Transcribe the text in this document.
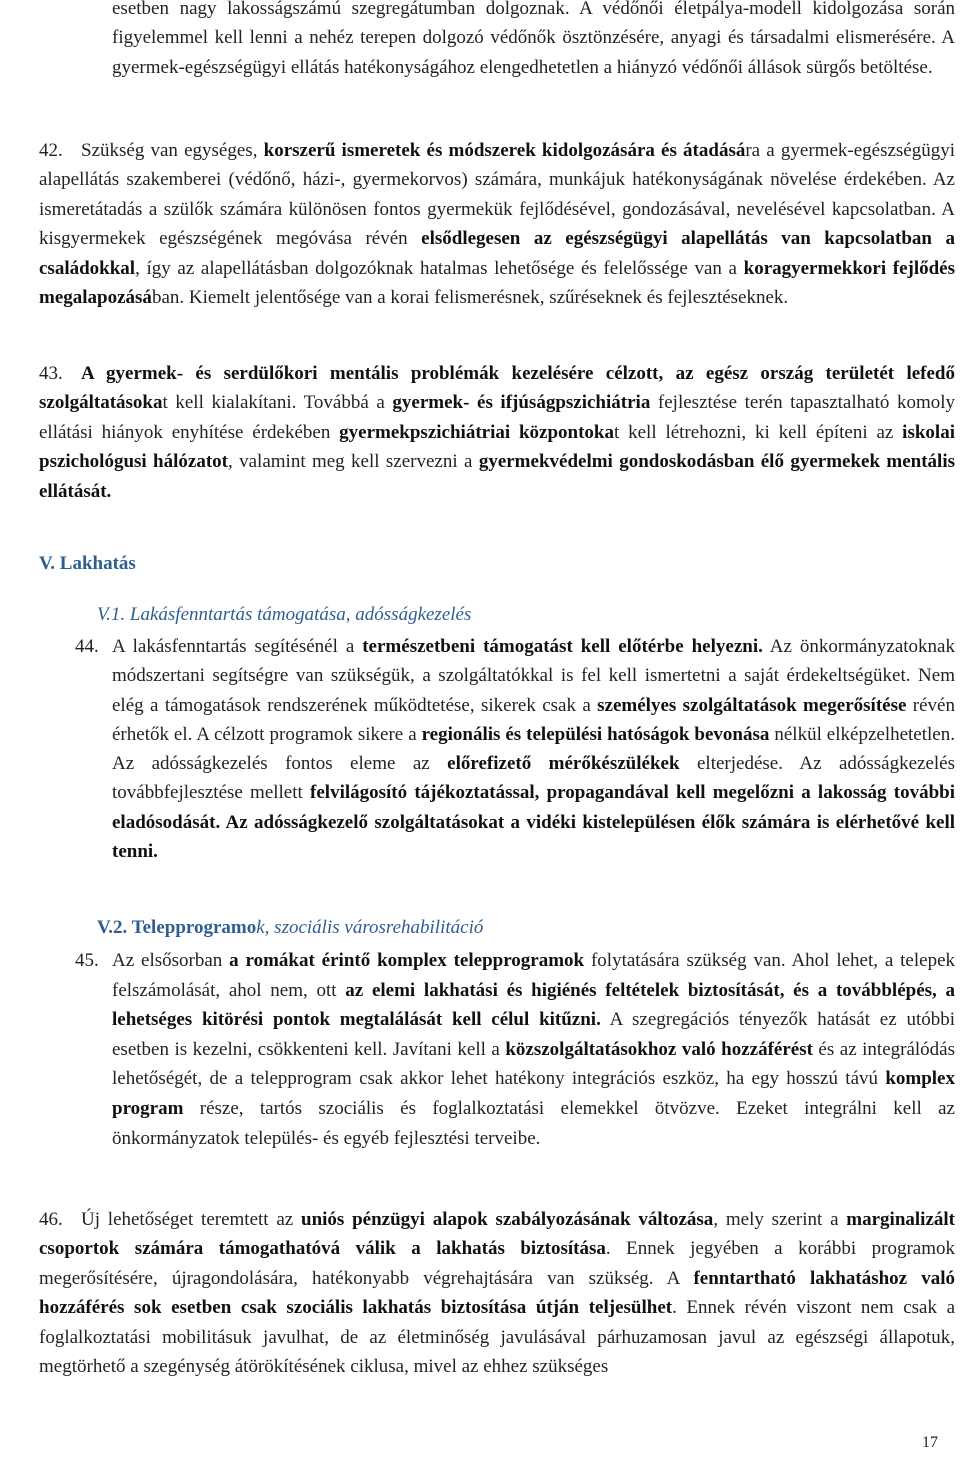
esetben nagy lakosságszámú szegregátumban dolgoznak. A védőnői életpálya-modell kidolgozása során figyelemmel kell lenni a nehéz terepen dolgozó védőnők ösztönzésére, anyagi és társadalmi elismerésére. A gyermek-egészségügyi ellátás hatékonyságához elengedhetetlen a hiányzó védőnői állások sürgős betöltése.
42. Szükség van egységes, korszerű ismeretek és módszerek kidolgozására és átadására a gyermek-egészségügyi alapellátás szakemberei (védőnő, házi-, gyermekorvos) számára, munkájuk hatékonyságának növelése érdekében. Az ismeretátadás a szülők számára különösen fontos gyermekük fejlődésével, gondozásával, nevelésével kapcsolatban. A kisgyermekek egészségének megóvása révén elsődlegesen az egészségügyi alapellátás van kapcsolatban a családokkal, így az alapellátásban dolgozóknak hatalmas lehetősége és felelőssége van a koragyermekkori fejlődés megalapozásában. Kiemelt jelentősége van a korai felismerésnek, szűréseknek és fejlesztéseknek.
43. A gyermek- és serdülőkori mentális problémák kezelésére célzott, az egész ország területét lefedő szolgáltatásokat kell kialakítani. Továbbá a gyermek- és ifjúságpszichiátria fejlesztése terén tapasztalható komoly ellátási hiányok enyhítése érdekében gyermekpszichiátriai központokat kell létrehozni, ki kell építeni az iskolai pszichológusi hálózatot, valamint meg kell szervezni a gyermekvédelmi gondoskodásban élő gyermekek mentális ellátását.
V. Lakhatás
V.1. Lakásfenntartás támogatása, adósságkezelés
44. A lakásfenntartás segítésénél a természetbeni támogatást kell előtérbe helyezni. Az önkormányzatoknak módszertani segítségre van szükségük, a szolgáltatókkal is fel kell ismertetni a saját érdekeltségüket. Nem elég a támogatások rendszerének működtetése, sikerek csak a személyes szolgáltatások megerősítése révén érhetők el. A célzott programok sikere a regionális és települési hatóságok bevonása nélkül elképzelhetetlen. Az adósságkezelés fontos eleme az előrefizető mérőkészülékek elterjedése. Az adósságkezelés továbbfejlesztése mellett felvilágosító tájékoztatással, propagandával kell megelőzni a lakosság további eladósodását. Az adósságkezelő szolgáltatásokat a vidéki kistelepülésen élők számára is elérhetővé kell tenni.
V.2. Telepprogramok, szociális városrehabilitáció
45. Az elsősorban a romákat érintő komplex telepprogramok folytatására szükség van. Ahol lehet, a telepek felszámolását, ahol nem, ott az elemi lakhatási és higiénés feltételek biztosítását, és a továbblépés, a lehetséges kitörési pontok megtalálását kell célul kitűzni. A szegregációs tényezők hatását ez utóbbi esetben is kezelni, csökkenteni kell. Javítani kell a közszolgáltatásokhoz való hozzáférést és az integrálódás lehetőségét, de a telepprogram csak akkor lehet hatékony integrációs eszköz, ha egy hosszú távú komplex program része, tartós szociális és foglalkoztatási elemekkel ötvözve. Ezeket integrálni kell az önkormányzatok település- és egyéb fejlesztési terveibe.
46. Új lehetőséget teremtett az uniós pénzügyi alapok szabályozásának változása, mely szerint a marginalizált csoportok számára támogathatóvá válik a lakhatás biztosítása. Ennek jegyében a korábbi programok megerősítésére, újragondolására, hatékonyabb végrehajtására van szükség. A fenntartható lakhatáshoz való hozzáférés sok esetben csak szociális lakhatás biztosítása útján teljesülhet. Ennek révén viszont nem csak a foglalkoztatási mobilitásuk javulhat, de az életminőség javulásával párhuzamosan javul az egészségi állapotuk, megtörhető a szegénység átörökítésének ciklusa, mivel az ehhez szükséges
17
